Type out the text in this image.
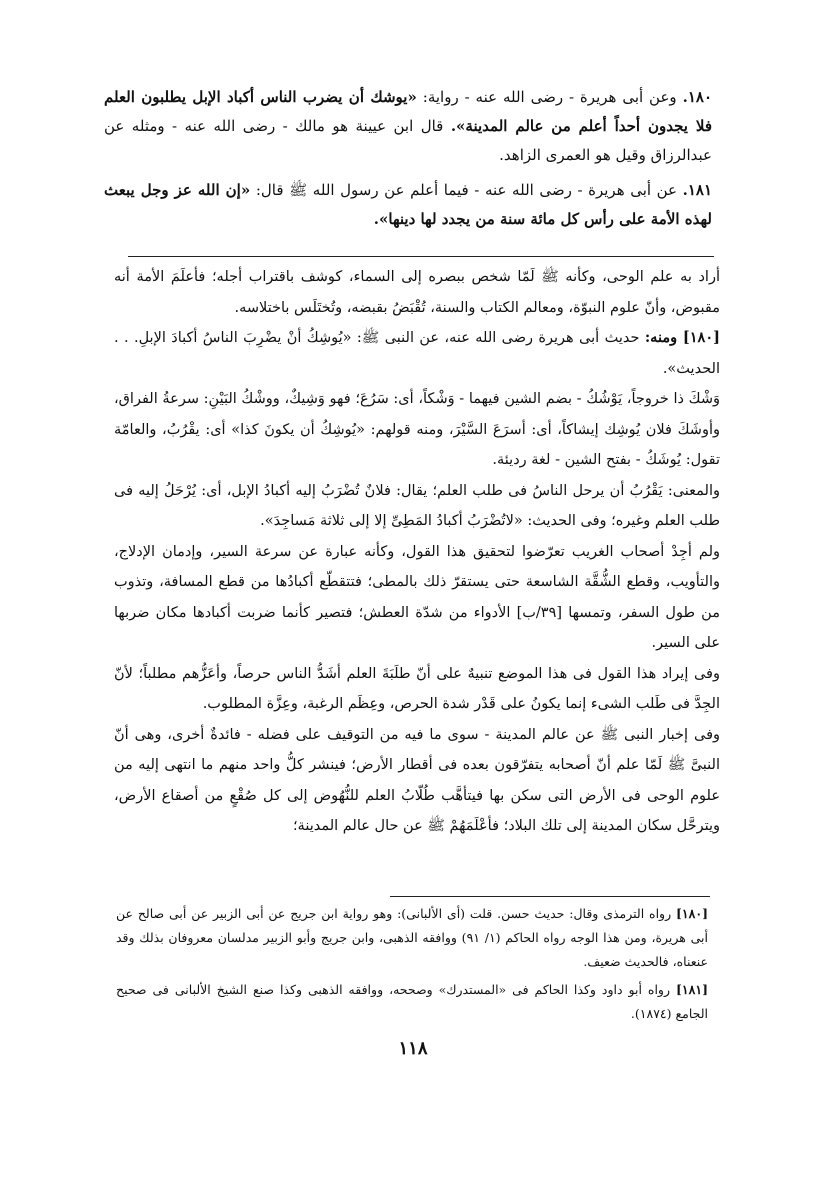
١٨٠. وعن أبى هريرة - رضى الله عنه - رواية: «يوشك أن يضرب الناس أكباد الإبل يطلبون العلم فلا يجدون أحداً أعلم من عالم المدينة». قال ابن عيينة هو مالك - رضى الله عنه - ومثله عن عبدالرزاق وقيل هو العمرى الزاهد.

١٨١. عن أبى هريرة - رضى الله عنه - فيما أعلم عن رسول الله ﷺ قال: «إن الله عز وجل يبعث لهذه الأمة على رأس كل مائة سنة من يجدد لها دينها».

أراد به علم الوحى، وكأنه ﷺ لَمّا شخص ببصره إلى السماء، كوشف باقتراب أجله؛ فأعلَمَ الأمة أنه مقبوض، وأنّ علوم النبوّة، ومعالم الكتاب والسنة، تُقْبَضُ بقبضه، وتُختَلَس باختلاسه.

[١٨٠] ومنه: حديث أبى هريرة رضى الله عنه، عن النبى ﷺ: «يُوشِكُ أنْ يضْرِبَ الناسُ أكبادَ الإبلِ. . . الحديث».

وَشْكَ ذا خروجاً، يَوْشُكُ - بضم الشين فيهما - وَشْكاً، أى: سَرُعَ؛ فهو وَشِيكٌ، ووشْكُ البَيْنِ: سرعةُ الفراق، وأوشَكَ فلان يُوشِك إيشاكاً، أى: أسرَعَ السَّيْرَ، ومنه قولهم: «يُوشِكُ أن يكونَ كذا» أى: يقْرُبُ، والعامّة تقول: يُوشَكُ - بفتح الشين - لغة رديئة.

والمعنى: يَقْرُبُ أن يرحل الناسُ فى طلب العلم؛ يقال: فلانٌ تُضْرَبُ إليه أكبادُ الإبل، أى: يُرْحَلُ إليه فى طلب العلم وغيره؛ وفى الحديث: «لاتُضْرَبُ أكبادُ المَطِىِّ إلا إلى ثلاثة مَساجِدَ».

ولم أجِدْ أصحاب الغريب تعرّضوا لتحقيق هذا القول، وكأنه عبارة عن سرعة السير، وإدمان الإدلاج، والتأويب، وقطع الشُّقَّة الشاسعة حتى يستقرّ ذلك بالمطى؛ فتتقطّع أكبادُها من قطع المسافة، وتذوب من طول السفر، وتمسها [٣٩/ب] الأدواء من شدّة العطش؛ فتصير كأنما ضربت أكبادها مكان ضربها على السير.

وفى إيراد هذا القول فى هذا الموضع تنبيهٌ على أنّ طلَبَةَ العلم أشَدُّ الناس حرصاً، وأعَزُّهم مطلباً؛ لأنّ الجِدَّ فى طَلب الشىء إنما يكونُ على قَدْر شدة الحرص، وعِظَم الرغبة، وعِزَّة المطلوب.

وفى إخبار النبى ﷺ عن عالم المدينة - سوى ما فيه من التوقيف على فضله - فائدةٌ أخرى، وهى أنّ النبىَّ ﷺ لَمّا علم أنّ أصحابه يتفرّقون بعده فى أقطار الأرض؛ فينشر كلُّ واحد منهم ما انتهى إليه من علوم الوحى فى الأرض التى سكن بها فيتأهَّب طُلّابُ العلم للنُّهُوض إلى كل صُقْعٍ من أصقاع الأرض، ويترحَّل سكان المدينة إلى تلك البلاد؛ فأعْلَمَهُمْ ﷺ عن حال عالم المدينة؛

[١٨٠] رواه الترمذى وقال: حديث حسن. قلت (أى الألبانى): وهو رواية ابن جريج عن أبى الزبير عن أبى صالح عن أبى هريرة، ومن هذا الوجه رواه الحاكم (١/ ٩١) ووافقه الذهبى، وابن جريج وأبو الزبير مدلسان معروفان بذلك وقد عنعناه، فالحديث ضعيف.

[١٨١] رواه أبو داود وكذا الحاكم فى «المستدرك» وصححه، ووافقه الذهبى وكذا صنع الشيخ الألبانى فى صحيح الجامع (١٨٧٤).

١١٨
